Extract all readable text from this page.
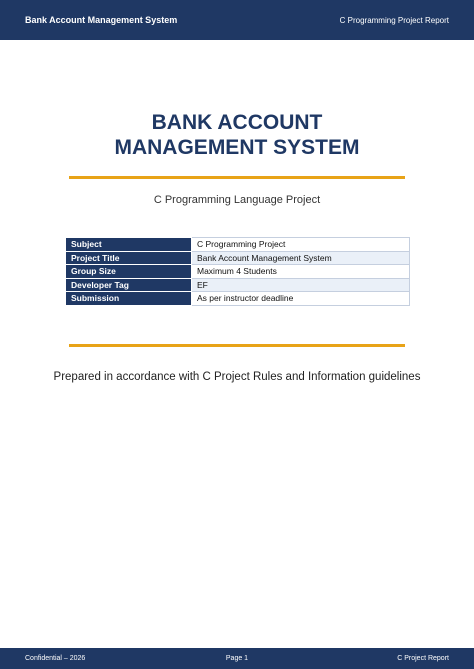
Bank Account Management System	C Programming Project Report
BANK ACCOUNT
MANAGEMENT SYSTEM
C Programming Language Project
Subject	C Programming Project
Project Title	Bank Account Management System
Group Size	Maximum 4 Students
Developer Tag	EF
Submission	As per instructor deadline
Prepared in accordance with C Project Rules and Information guidelines
Confidential – 2026	Page 1	C Project Report
